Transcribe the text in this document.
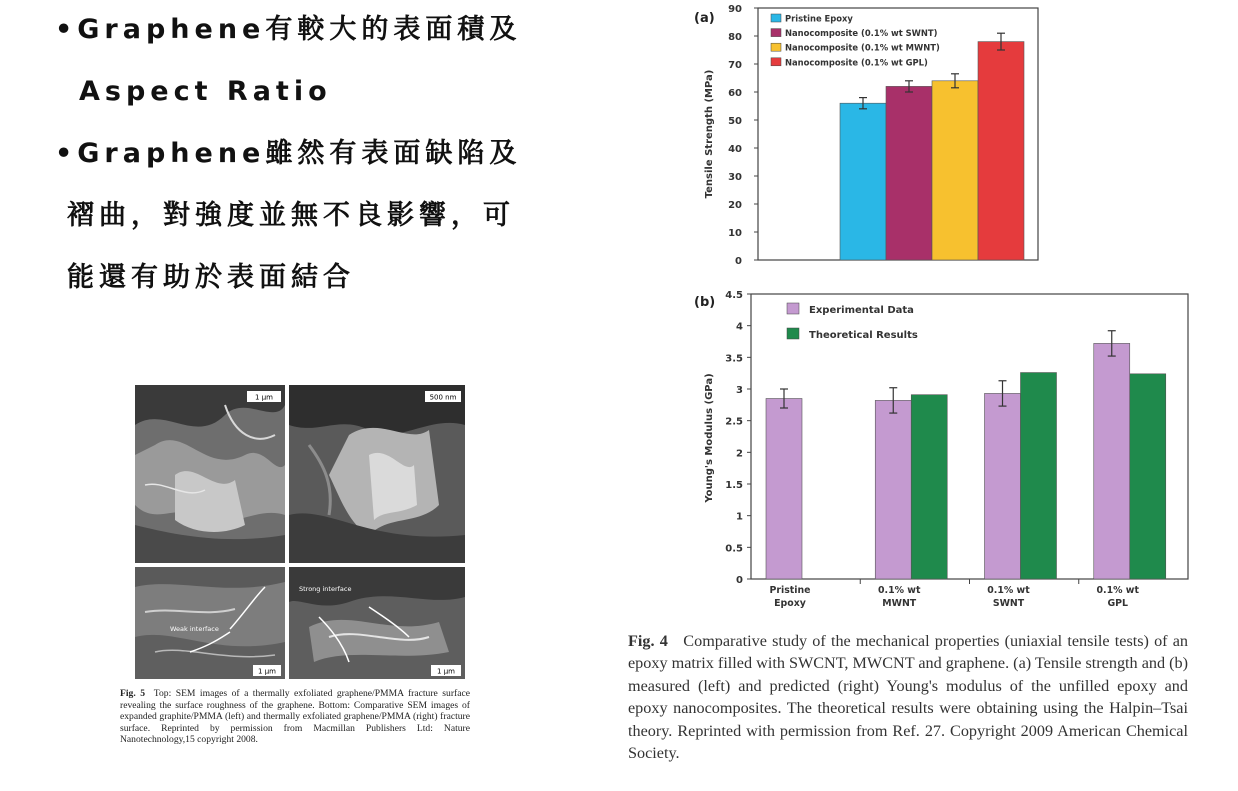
•Graphene有較大的表面積及
Aspect Ratio
•Graphene雖然有表面缺陷及
褶曲，對強度並無不良影響，可
能還有助於表面結合
1 μm	500 nm
Weak interface
1 μm
Strong interface
1 μm
Fig. 5 Top: SEM images of a thermally exfoliated graphene/PMMA fracture surface revealing the surface roughness of the graphene. Bottom: Comparative SEM images of expanded graphite/PMMA (left) and thermally exfoliated graphene/PMMA (right) fracture surface. Reprinted by permission from Macmillan Publishers Ltd: Nature Nanotechnology,15 copyright 2008.
(a)
Tensile Strength (MPa)
0
10
20
30
40
50
60
70
80
90
Pristine Epoxy
Nanocomposite (0.1% wt SWNT)
Nanocomposite (0.1% wt MWNT)
Nanocomposite (0.1% wt GPL)
(b)
Young's Modulus (GPa)
0
0.5
1
1.5
2
2.5
3
3.5
4
4.5
Pristine
Epoxy
0.1% wt
MWNT
0.1% wt
SWNT
0.1% wt
GPL
Experimental Data
Theoretical Results
Fig. 4 Comparative study of the mechanical properties (uniaxial tensile tests) of an epoxy matrix filled with SWCNT, MWCNT and graphene. (a) Tensile strength and (b) measured (left) and predicted (right) Young's modulus of the unfilled epoxy and epoxy nanocomposites. The theoretical results were obtaining using the Halpin–Tsai theory. Reprinted with permission from Ref. 27. Copyright 2009 American Chemical Society.
